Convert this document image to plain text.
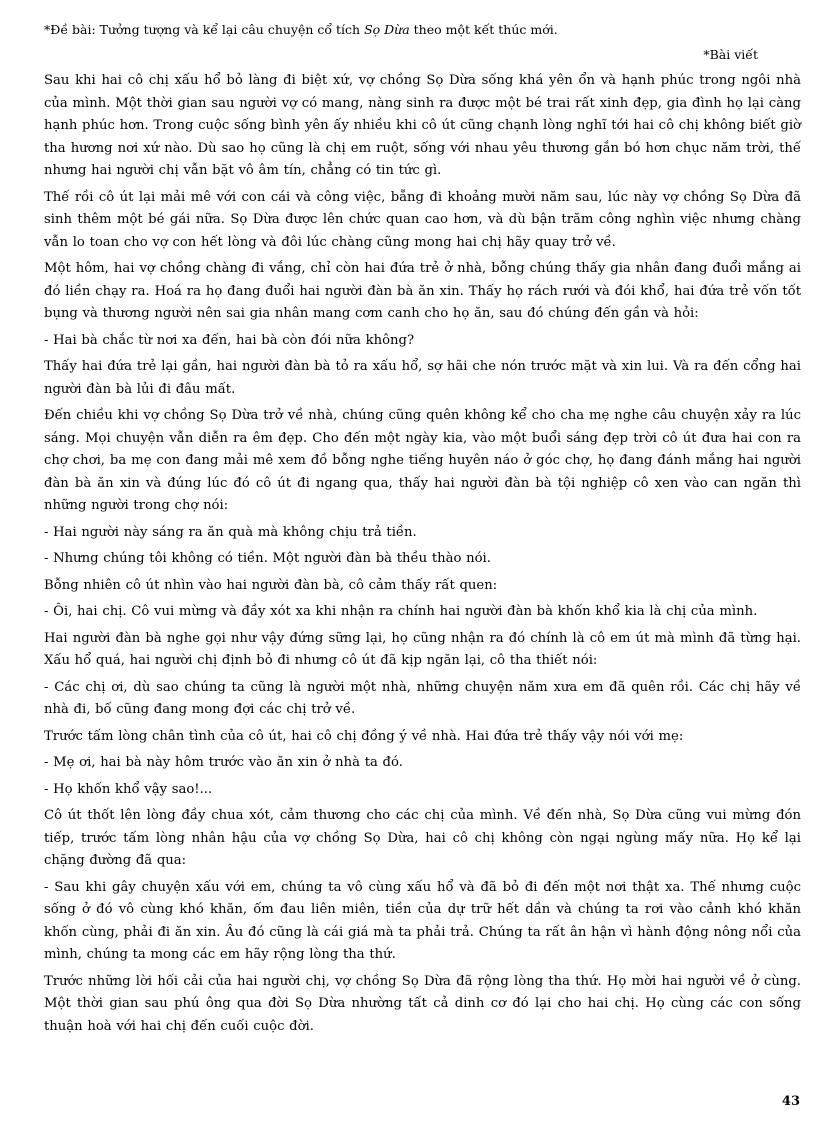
*Đề bài: Tưởng tượng và kể lại câu chuyện cổ tích Sọ Dừa theo một kết thúc mới.
*Bài viết

Sau khi hai cô chị xấu hổ bỏ làng đi biệt xứ, vợ chồng Sọ Dừa sống khá yên ổn và hạnh phúc trong ngôi nhà của mình. Một thời gian sau người vợ có mang, nàng sinh ra được một bé trai rất xinh đẹp, gia đình họ lại càng hạnh phúc hơn. Trong cuộc sống bình yên ấy nhiều khi cô út cũng chạnh lòng nghĩ tới hai cô chị không biết giờ tha hương nơi xứ nào. Dù sao họ cũng là chị em ruột, sống với nhau yêu thương gắn bó hơn chục năm trời, thế nhưng hai người chị vẫn bặt vô âm tín, chẳng có tin tức gì.

Thế rồi cô út lại mải mê với con cái và công việc, bẵng đi khoảng mười năm sau, lúc này vợ chồng Sọ Dừa đã sinh thêm một bé gái nữa. Sọ Dừa được lên chức quan cao hơn, và dù bận trăm công nghìn việc nhưng chàng vẫn lo toan cho vợ con hết lòng và đôi lúc chàng cũng mong hai chị hãy quay trở về.

Một hôm, hai vợ chồng chàng đi vắng, chỉ còn hai đứa trẻ ở nhà, bỗng chúng thấy gia nhân đang đuổi mắng ai đó liền chạy ra. Hoá ra họ đang đuổi hai người đàn bà ăn xin. Thấy họ rách rưới và đói khổ, hai đứa trẻ vốn tốt bụng và thương người nên sai gia nhân mang cơm canh cho họ ăn, sau đó chúng đến gần và hỏi:

- Hai bà chắc từ nơi xa đến, hai bà còn đói nữa không?

Thấy hai đứa trẻ lại gần, hai người đàn bà tỏ ra xấu hổ, sợ hãi che nón trước mặt và xin lui. Và ra đến cổng hai người đàn bà lủi đi đâu mất.

Đến chiều khi vợ chồng Sọ Dừa trở về nhà, chúng cũng quên không kể cho cha mẹ nghe câu chuyện xảy ra lúc sáng. Mọi chuyện vẫn diễn ra êm đẹp. Cho đến một ngày kia, vào một buổi sáng đẹp trời cô út đưa hai con ra chợ chơi, ba mẹ con đang mải mê xem đồ bỗng nghe tiếng huyên náo ở góc chợ, họ đang đánh mắng hai người đàn bà ăn xin và đúng lúc đó cô út đi ngang qua, thấy hai người đàn bà tội nghiệp cô xen vào can ngăn thì những người trong chợ nói:

- Hai người này sáng ra ăn quà mà không chịu trả tiền.

- Nhưng chúng tôi không có tiền. Một người đàn bà thều thào nói.

Bỗng nhiên cô út nhìn vào hai người đàn bà, cô cảm thấy rất quen:

- Ôi, hai chị. Cô vui mừng và đầy xót xa khi nhận ra chính hai người đàn bà khốn khổ kia là chị của mình.

Hai người đàn bà nghe gọi như vậy đứng sững lại, họ cũng nhận ra đó chính là cô em út mà mình đã từng hại. Xấu hổ quá, hai người chị định bỏ đi nhưng cô út đã kịp ngăn lại, cô tha thiết nói:

- Các chị ơi, dù sao chúng ta cũng là người một nhà, những chuyện năm xưa em đã quên rồi. Các chị hãy về nhà đi, bố cũng đang mong đợi các chị trở về.

Trước tấm lòng chân tình của cô út, hai cô chị đồng ý về nhà. Hai đứa trẻ thấy vậy nói với mẹ:

- Mẹ ơi, hai bà này hôm trước vào ăn xin ở nhà ta đó.

- Họ khốn khổ vậy sao!...

Cô út thốt lên lòng đầy chua xót, cảm thương cho các chị của mình. Về đến nhà, Sọ Dừa cũng vui mừng đón tiếp, trước tấm lòng nhân hậu của vợ chồng Sọ Dừa, hai cô chị không còn ngại ngùng mấy nữa. Họ kể lại chặng đường đã qua:

- Sau khi gây chuyện xấu với em, chúng ta vô cùng xấu hổ và đã bỏ đi đến một nơi thật xa. Thế nhưng cuộc sống ở đó vô cùng khó khăn, ốm đau liên miên, tiền của dự trữ hết dần và chúng ta rơi vào cảnh khó khăn khốn cùng, phải đi ăn xin. Âu đó cũng là cái giá mà ta phải trả. Chúng ta rất ân hận vì hành động nông nổi của mình, chúng ta mong các em hãy rộng lòng tha thứ.

Trước những lời hối cải của hai người chị, vợ chồng Sọ Dừa đã rộng lòng tha thứ. Họ mời hai người về ở cùng. Một thời gian sau phú ông qua đời Sọ Dừa nhường tất cả dinh cơ đó lại cho hai chị. Họ cùng các con sống thuận hoà với hai chị đến cuối cuộc đời.

43
